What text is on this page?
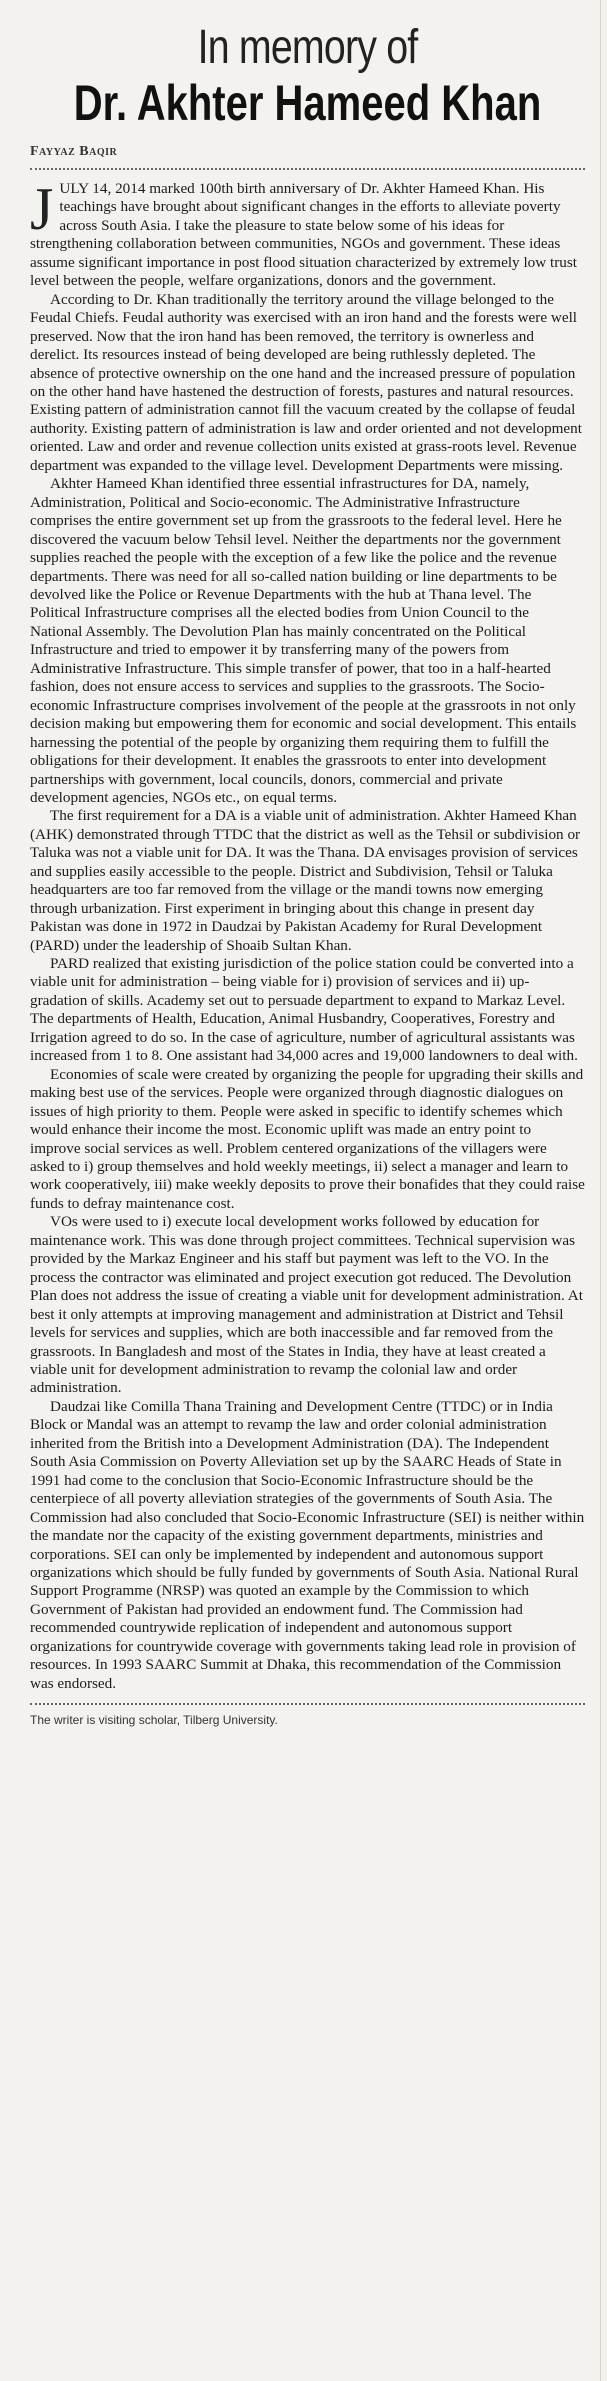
In memory of
Dr. Akhter Hameed Khan
Fayyaz Baqir

JULY 14, 2014 marked 100th birth anniversary of Dr. Akhter Hameed Khan. His teachings have brought about significant changes in the efforts to alleviate poverty across South Asia. I take the pleasure to state below some of his ideas for strengthening collaboration between communities, NGOs and government. These ideas assume significant importance in post flood situation characterized by extremely low trust level between the people, welfare organizations, donors and the government.

According to Dr. Khan traditionally the territory around the village belonged to the Feudal Chiefs. Feudal authority was exercised with an iron hand and the forests were well preserved. Now that the iron hand has been removed, the territory is ownerless and derelict. Its resources instead of being developed are being ruthlessly depleted. The absence of protective ownership on the one hand and the increased pressure of population on the other hand have hastened the destruction of forests, pastures and natural resources. Existing pattern of administration cannot fill the vacuum created by the collapse of feudal authority. Existing pattern of administration is law and order oriented and not development oriented. Law and order and revenue collection units existed at grass-roots level. Revenue department was expanded to the village level. Development Departments were missing.

Akhter Hameed Khan identified three essential infrastructures for DA, namely, Administration, Political and Socio-economic. The Administrative Infrastructure comprises the entire government set up from the grassroots to the federal level. Here he discovered the vacuum below Tehsil level. Neither the departments nor the government supplies reached the people with the exception of a few like the police and the revenue departments. There was need for all so-called nation building or line departments to be devolved like the Police or Revenue Departments with the hub at Thana level. The Political Infrastructure comprises all the elected bodies from Union Council to the National Assembly. The Devolution Plan has mainly concentrated on the Political Infrastructure and tried to empower it by transferring many of the powers from Administrative Infrastructure. This simple transfer of power, that too in a half-hearted fashion, does not ensure access to services and supplies to the grassroots. The Socio-economic Infrastructure comprises involvement of the people at the grassroots in not only decision making but empowering them for economic and social development. This entails harnessing the potential of the people by organizing them requiring them to fulfill the obligations for their development. It enables the grassroots to enter into development partnerships with government, local councils, donors, commercial and private development agencies, NGOs etc., on equal terms.

The first requirement for a DA is a viable unit of administration. Akhter Hameed Khan (AHK) demonstrated through TTDC that the district as well as the Tehsil or subdivision or Taluka was not a viable unit for DA. It was the Thana. DA envisages provision of services and supplies easily accessible to the people. District and Subdivision, Tehsil or Taluka headquarters are too far removed from the village or the mandi towns now emerging through urbanization. First experiment in bringing about this change in present day Pakistan was done in 1972 in Daudzai by Pakistan Academy for Rural Development (PARD) under the leadership of Shoaib Sultan Khan.

PARD realized that existing jurisdiction of the police station could be converted into a viable unit for administration – being viable for i) provision of services and ii) up-gradation of skills. Academy set out to persuade department to expand to Markaz Level. The departments of Health, Education, Animal Husbandry, Cooperatives, Forestry and Irrigation agreed to do so. In the case of agriculture, number of agricultural assistants was increased from 1 to 8. One assistant had 34,000 acres and 19,000 landowners to deal with.

Economies of scale were created by organizing the people for upgrading their skills and making best use of the services. People were organized through diagnostic dialogues on issues of high priority to them. People were asked in specific to identify schemes which would enhance their income the most. Economic uplift was made an entry point to improve social services as well. Problem centered organizations of the villagers were asked to i) group themselves and hold weekly meetings, ii) select a manager and learn to work cooperatively, iii) make weekly deposits to prove their bonafides that they could raise funds to defray maintenance cost.

VOs were used to i) execute local development works followed by education for maintenance work. This was done through project committees. Technical supervision was provided by the Markaz Engineer and his staff but payment was left to the VO. In the process the contractor was eliminated and project execution got reduced. The Devolution Plan does not address the issue of creating a viable unit for development administration. At best it only attempts at improving management and administration at District and Tehsil levels for services and supplies, which are both inaccessible and far removed from the grassroots. In Bangladesh and most of the States in India, they have at least created a viable unit for development administration to revamp the colonial law and order administration.

Daudzai like Comilla Thana Training and Development Centre (TTDC) or in India Block or Mandal was an attempt to revamp the law and order colonial administration inherited from the British into a Development Administration (DA). The Independent South Asia Commission on Poverty Alleviation set up by the SAARC Heads of State in 1991 had come to the conclusion that Socio-Economic Infrastructure should be the centerpiece of all poverty alleviation strategies of the governments of South Asia. The Commission had also concluded that Socio-Economic Infrastructure (SEI) is neither within the mandate nor the capacity of the existing government departments, ministries and corporations. SEI can only be implemented by independent and autonomous support organizations which should be fully funded by governments of South Asia. National Rural Support Programme (NRSP) was quoted an example by the Commission to which Government of Pakistan had provided an endowment fund. The Commission had recommended countrywide replication of independent and autonomous support organizations for countrywide coverage with governments taking lead role in provision of resources. In 1993 SAARC Summit at Dhaka, this recommendation of the Commission was endorsed.

The writer is visiting scholar, Tilberg University.
